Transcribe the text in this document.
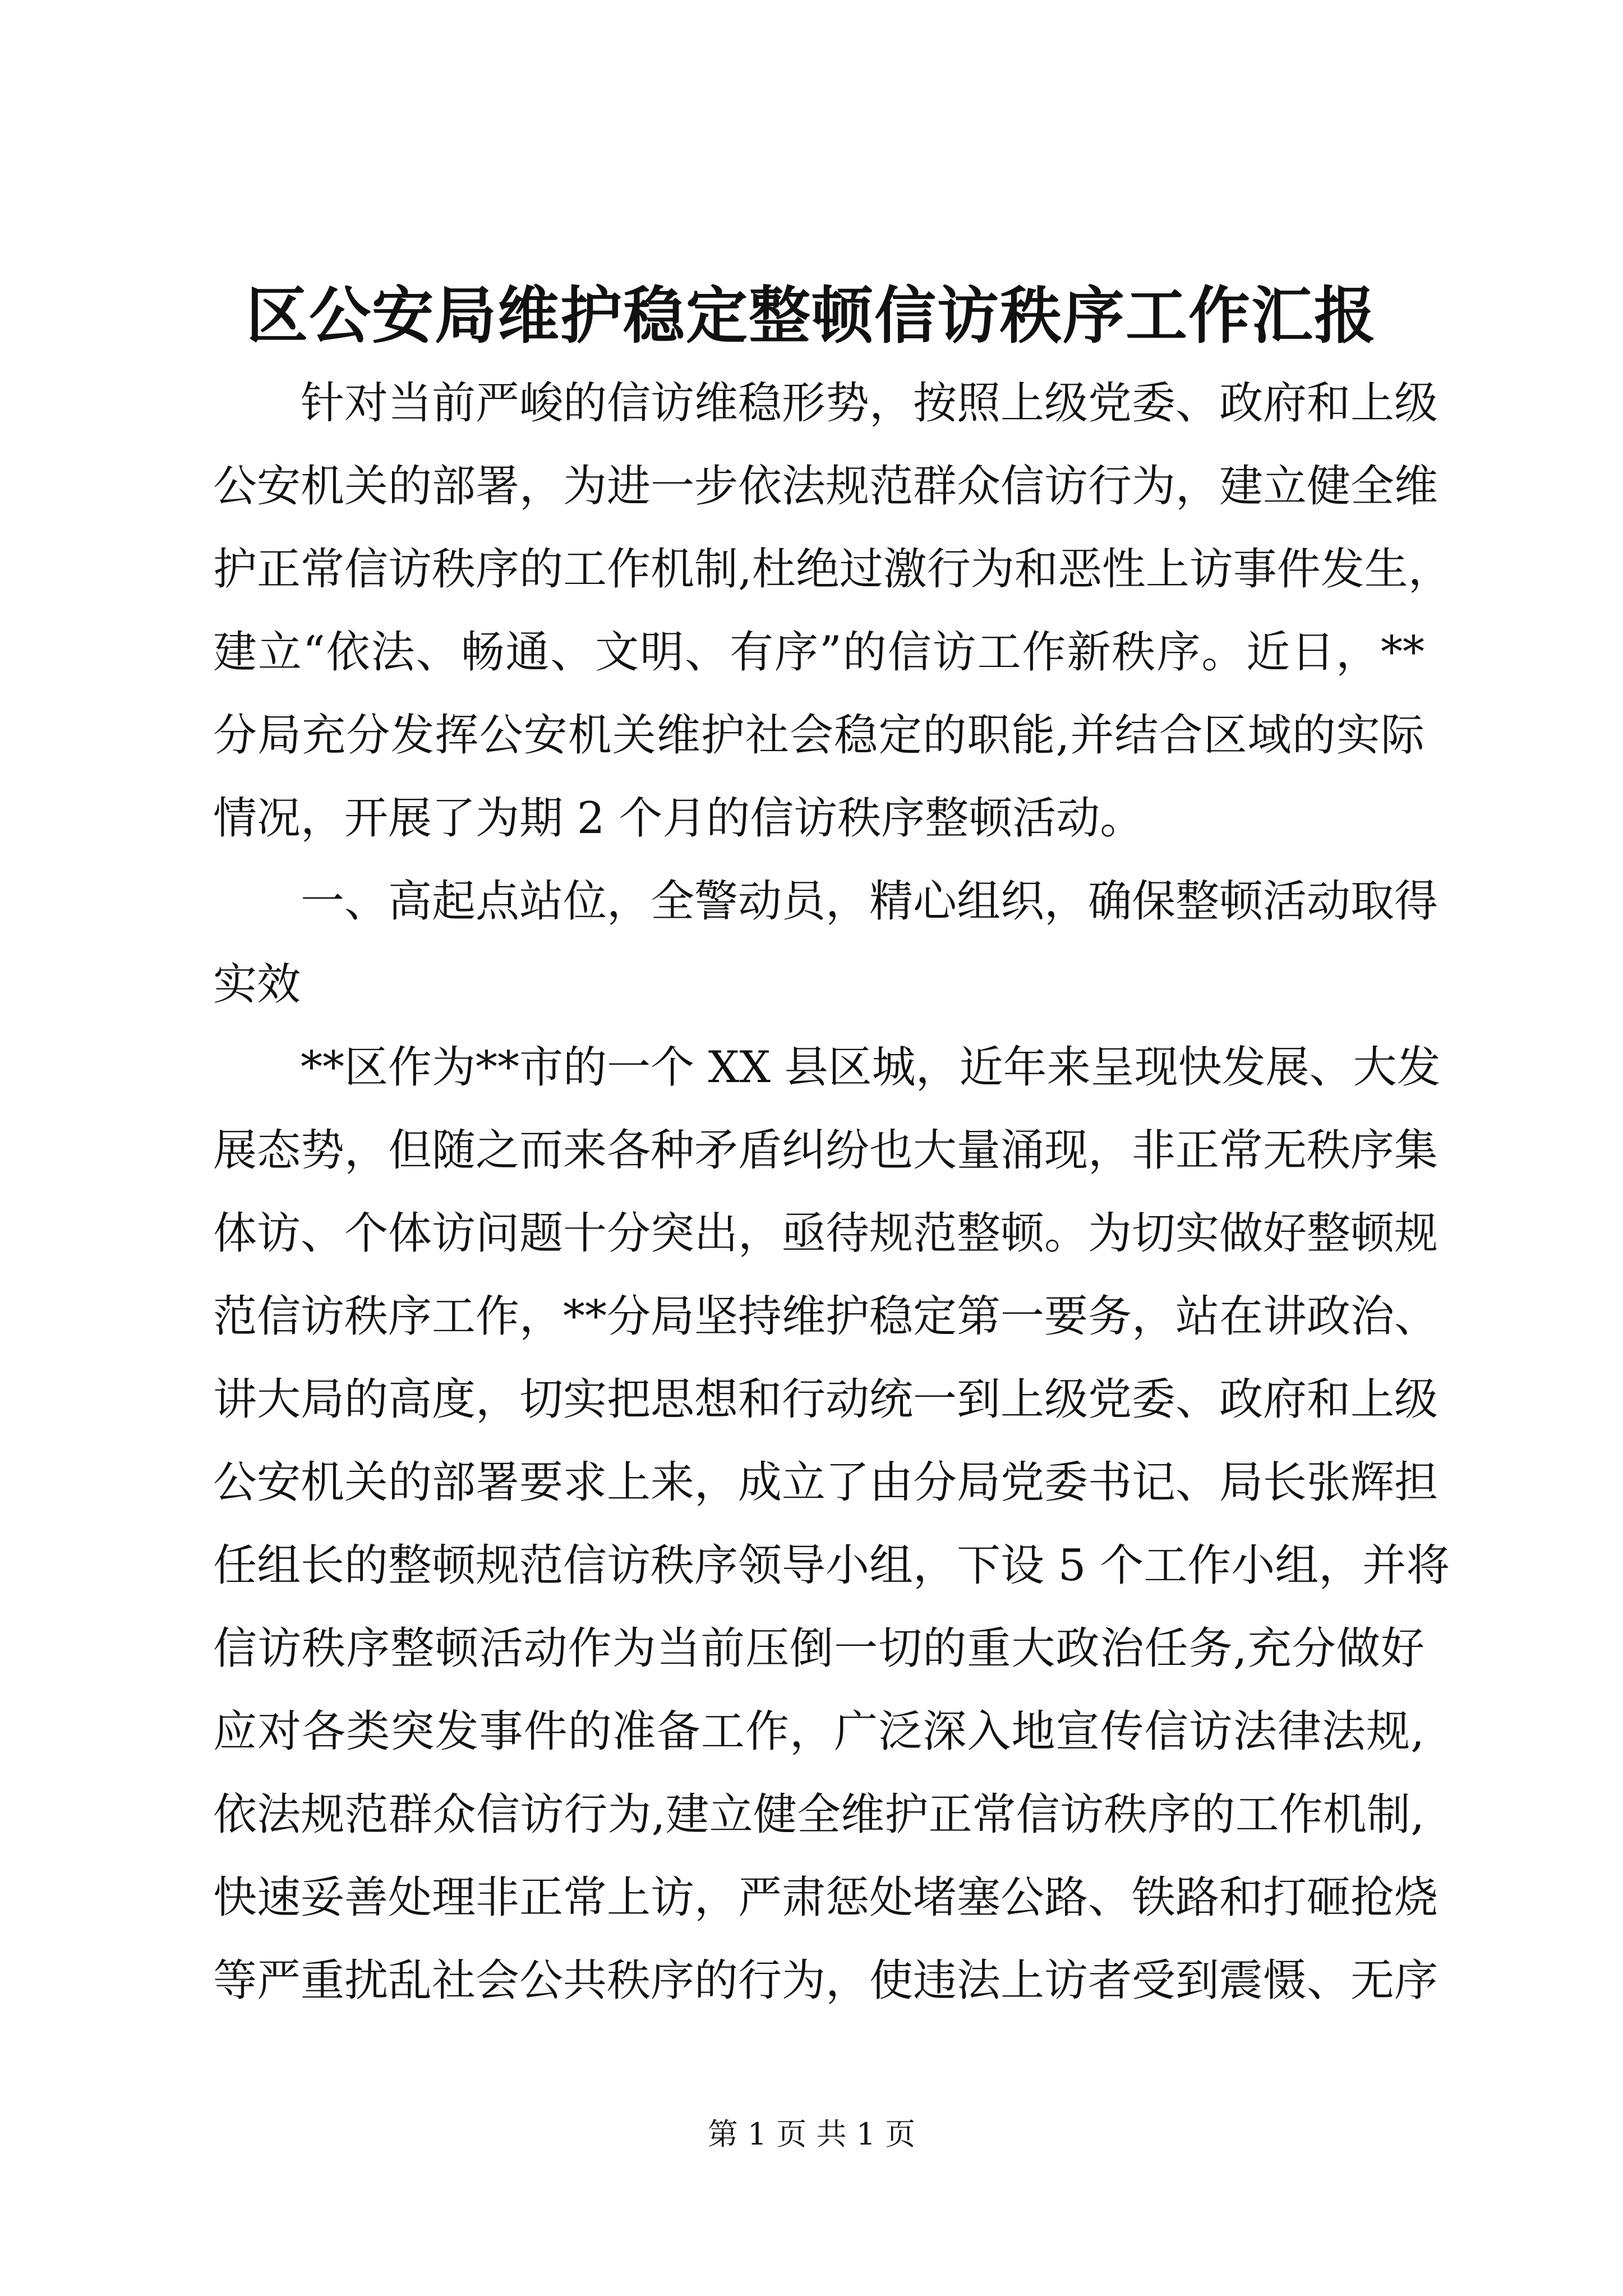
区公安局维护稳定整顿信访秩序工作汇报
针对当前严峻的信访维稳形势，按照上级党委、政府和上级
公安机关的部署，为进一步依法规范群众信访行为，建立健全维
护正常信访秩序的工作机制,杜绝过激行为和恶性上访事件发生，
建立“依法、畅通、文明、有序”的信访工作新秩序。近日，**
分局充分发挥公安机关维护社会稳定的职能,并结合区域的实际
情况，开展了为期 2 个月的信访秩序整顿活动。
一、高起点站位，全警动员，精心组织，确保整顿活动取得
实效
**区作为**市的一个 XX 县区城，近年来呈现快发展、大发
展态势，但随之而来各种矛盾纠纷也大量涌现，非正常无秩序集
体访、个体访问题十分突出，亟待规范整顿。为切实做好整顿规
范信访秩序工作，**分局坚持维护稳定第一要务，站在讲政治、
讲大局的高度，切实把思想和行动统一到上级党委、政府和上级
公安机关的部署要求上来，成立了由分局党委书记、局长张辉担
任组长的整顿规范信访秩序领导小组，下设 5 个工作小组，并将
信访秩序整顿活动作为当前压倒一切的重大政治任务,充分做好
应对各类突发事件的准备工作，广泛深入地宣传信访法律法规,
依法规范群众信访行为,建立健全维护正常信访秩序的工作机制,
快速妥善处理非正常上访，严肃惩处堵塞公路、铁路和打砸抢烧
等严重扰乱社会公共秩序的行为，使违法上访者受到震慑、无序
第 1 页 共 1 页
